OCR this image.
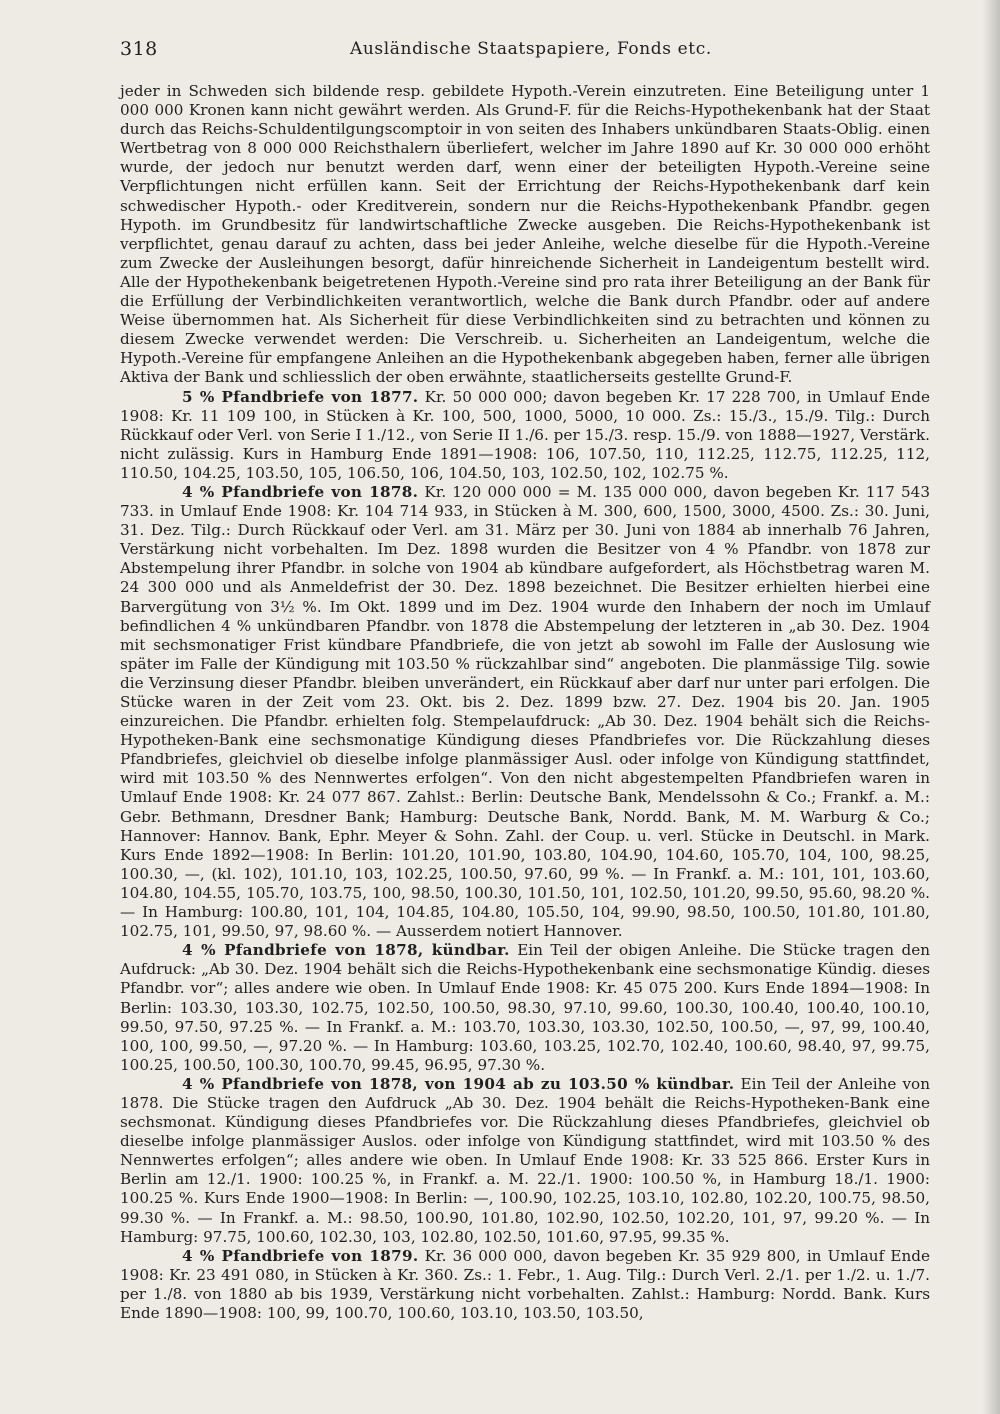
318	Ausländische Staatspapiere, Fonds etc.

jeder in Schweden sich bildende resp. gebildete Hypoth.-Verein einzutreten. Eine Beteiligung unter 1 000 000 Kronen kann nicht gewährt werden. Als Grund-F. für die Reichs-Hypothekenbank hat der Staat durch das Reichs-Schuldentilgungscomptoir in von seiten des Inhabers unkündbaren Staats-Oblig. einen Wertbetrag von 8 000 000 Reichsthalern überliefert, welcher im Jahre 1890 auf Kr. 30 000 000 erhöht wurde, der jedoch nur benutzt werden darf, wenn einer der beteiligten Hypoth.-Vereine seine Verpflichtungen nicht erfüllen kann. Seit der Errichtung der Reichs-Hypothekenbank darf kein schwedischer Hypoth.- oder Kreditverein, sondern nur die Reichs-Hypothekenbank Pfandbr. gegen Hypoth. im Grundbesitz für landwirtschaftliche Zwecke ausgeben. Die Reichs-Hypothekenbank ist verpflichtet, genau darauf zu achten, dass bei jeder Anleihe, welche dieselbe für die Hypoth.-Vereine zum Zwecke der Ausleihungen besorgt, dafür hinreichende Sicherheit in Landeigentum bestellt wird. Alle der Hypothekenbank beigetretenen Hypoth.-Vereine sind pro rata ihrer Beteiligung an der Bank für die Erfüllung der Verbindlichkeiten verantwortlich, welche die Bank durch Pfandbr. oder auf andere Weise übernommen hat. Als Sicherheit für diese Verbindlichkeiten sind zu betrachten und können zu diesem Zwecke verwendet werden: Die Verschreib. u. Sicherheiten an Landeigentum, welche die Hypoth.-Vereine für empfangene Anleihen an die Hypothekenbank abgegeben haben, ferner alle übrigen Aktiva der Bank und schliesslich der oben erwähnte, staatlicherseits gestellte Grund-F.

5 % Pfandbriefe von 1877. Kr. 50 000 000; davon begeben Kr. 17 228 700, in Umlauf Ende 1908: Kr. 11 109 100, in Stücken à Kr. 100, 500, 1000, 5000, 10 000. Zs.: 15./3., 15./9. Tilg.: Durch Rückkauf oder Verl. von Serie I 1./12., von Serie II 1./6. per 15./3. resp. 15./9. von 1888—1927, Verstärk. nicht zulässig. Kurs in Hamburg Ende 1891—1908: 106, 107.50, 110, 112.25, 112.75, 112.25, 112, 110.50, 104.25, 103.50, 105, 106.50, 106, 104.50, 103, 102.50, 102, 102.75 %.

4 % Pfandbriefe von 1878. Kr. 120 000 000 = M. 135 000 000, davon begeben Kr. 117 543 733. in Umlauf Ende 1908: Kr. 104 714 933, in Stücken à M. 300, 600, 1500, 3000, 4500. Zs.: 30. Juni, 31. Dez. Tilg.: Durch Rückkauf oder Verl. am 31. März per 30. Juni von 1884 ab innerhalb 76 Jahren, Verstärkung nicht vorbehalten. Im Dez. 1898 wurden die Besitzer von 4 % Pfandbr. von 1878 zur Abstempelung ihrer Pfandbr. in solche von 1904 ab kündbare aufgefordert, als Höchstbetrag waren M. 24 300 000 und als Anmeldefrist der 30. Dez. 1898 bezeichnet. Die Besitzer erhielten hierbei eine Barvergütung von 3½ %. Im Okt. 1899 und im Dez. 1904 wurde den Inhabern der noch im Umlauf befindlichen 4 % unkündbaren Pfandbr. von 1878 die Abstempelung der letzteren in „ab 30. Dez. 1904 mit sechsmonatiger Frist kündbare Pfandbriefe, die von jetzt ab sowohl im Falle der Auslosung wie später im Falle der Kündigung mit 103.50 % rückzahlbar sind“ angeboten. Die planmässige Tilg. sowie die Verzinsung dieser Pfandbr. bleiben unverändert, ein Rückkauf aber darf nur unter pari erfolgen. Die Stücke waren in der Zeit vom 23. Okt. bis 2. Dez. 1899 bzw. 27. Dez. 1904 bis 20. Jan. 1905 einzureichen. Die Pfandbr. erhielten folg. Stempelaufdruck: „Ab 30. Dez. 1904 behält sich die Reichs-Hypotheken-Bank eine sechsmonatige Kündigung dieses Pfandbriefes vor. Die Rückzahlung dieses Pfandbriefes, gleichviel ob dieselbe infolge planmässiger Ausl. oder infolge von Kündigung stattfindet, wird mit 103.50 % des Nennwertes erfolgen“. Von den nicht abgestempelten Pfandbriefen waren in Umlauf Ende 1908: Kr. 24 077 867. Zahlst.: Berlin: Deutsche Bank, Mendelssohn & Co.; Frankf. a. M.: Gebr. Bethmann, Dresdner Bank; Hamburg: Deutsche Bank, Nordd. Bank, M. M. Warburg & Co.; Hannover: Hannov. Bank, Ephr. Meyer & Sohn. Zahl. der Coup. u. verl. Stücke in Deutschl. in Mark. Kurs Ende 1892—1908: In Berlin: 101.20, 101.90, 103.80, 104.90, 104.60, 105.70, 104, 100, 98.25, 100.30, —, (kl. 102), 101.10, 103, 102.25, 100.50, 97.60, 99 %. — In Frankf. a. M.: 101, 101, 103.60, 104.80, 104.55, 105.70, 103.75, 100, 98.50, 100.30, 101.50, 101, 102.50, 101.20, 99.50, 95.60, 98.20 %. — In Hamburg: 100.80, 101, 104, 104.85, 104.80, 105.50, 104, 99.90, 98.50, 100.50, 101.80, 101.80, 102.75, 101, 99.50, 97, 98.60 %. — Ausserdem notiert Hannover.

4 % Pfandbriefe von 1878, kündbar. Ein Teil der obigen Anleihe. Die Stücke tragen den Aufdruck: „Ab 30. Dez. 1904 behält sich die Reichs-Hypothekenbank eine sechsmonatige Kündig. dieses Pfandbr. vor“; alles andere wie oben. In Umlauf Ende 1908: Kr. 45 075 200. Kurs Ende 1894—1908: In Berlin: 103.30, 103.30, 102.75, 102.50, 100.50, 98.30, 97.10, 99.60, 100.30, 100.40, 100.40, 100.10, 99.50, 97.50, 97.25 %. — In Frankf. a. M.: 103.70, 103.30, 103.30, 102.50, 100.50, —, 97, 99, 100.40, 100, 100, 99.50, —, 97.20 %. — In Hamburg: 103.60, 103.25, 102.70, 102.40, 100.60, 98.40, 97, 99.75, 100.25, 100.50, 100.30, 100.70, 99.45, 96.95, 97.30 %.

4 % Pfandbriefe von 1878, von 1904 ab zu 103.50 % kündbar. Ein Teil der Anleihe von 1878. Die Stücke tragen den Aufdruck „Ab 30. Dez. 1904 behält die Reichs-Hypotheken-Bank eine sechsmonat. Kündigung dieses Pfandbriefes vor. Die Rückzahlung dieses Pfandbriefes, gleichviel ob dieselbe infolge planmässiger Auslos. oder infolge von Kündigung stattfindet, wird mit 103.50 % des Nennwertes erfolgen“; alles andere wie oben. In Umlauf Ende 1908: Kr. 33 525 866. Erster Kurs in Berlin am 12./1. 1900: 100.25 %, in Frankf. a. M. 22./1. 1900: 100.50 %, in Hamburg 18./1. 1900: 100.25 %. Kurs Ende 1900—1908: In Berlin: —, 100.90, 102.25, 103.10, 102.80, 102.20, 100.75, 98.50, 99.30 %. — In Frankf. a. M.: 98.50, 100.90, 101.80, 102.90, 102.50, 102.20, 101, 97, 99.20 %. — In Hamburg: 97.75, 100.60, 102.30, 103, 102.80, 102.50, 101.60, 97.95, 99.35 %.

4 % Pfandbriefe von 1879. Kr. 36 000 000, davon begeben Kr. 35 929 800, in Umlauf Ende 1908: Kr. 23 491 080, in Stücken à Kr. 360. Zs.: 1. Febr., 1. Aug. Tilg.: Durch Verl. 2./1. per 1./2. u. 1./7. per 1./8. von 1880 ab bis 1939, Verstärkung nicht vorbehalten. Zahlst.: Hamburg: Nordd. Bank. Kurs Ende 1890—1908: 100, 99, 100.70, 100.60, 103.10, 103.50, 103.50,
